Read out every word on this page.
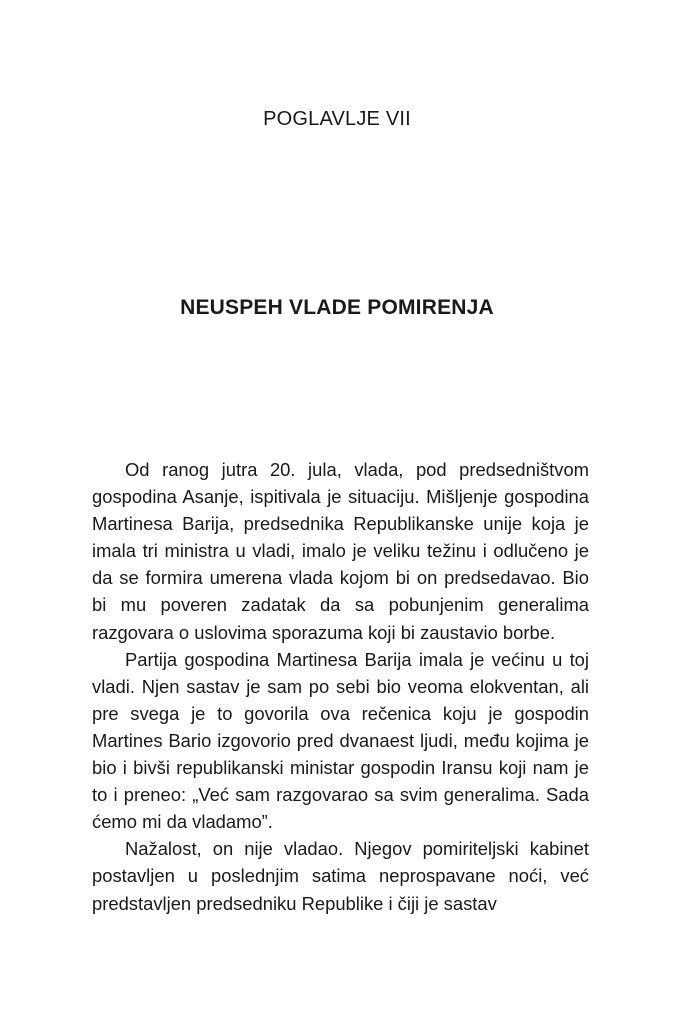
POGLAVLJE VII
NEUSPEH VLADE POMIRENJA

Od ranog jutra 20. jula, vlada, pod predsedništvom gospodina Asanje, ispitivala je situaciju. Mišljenje gospodina Martinesa Barija, predsednika Republikanske unije koja je imala tri ministra u vladi, imalo je veliku težinu i odlučeno je da se formira umerena vlada kojom bi on predsedavao. Bio bi mu poveren zadatak da sa pobunjenim generalima razgovara o uslovima sporazuma koji bi zaustavio borbe.

Partija gospodina Martinesa Barija imala je većinu u toj vladi. Njen sastav je sam po sebi bio veoma elokventan, ali pre svega je to govorila ova rečenica koju je gospodin Martines Bario izgovorio pred dvanaest ljudi, među kojima je bio i bivši republikanski ministar gospodin Iransu koji nam je to i preneo: „Već sam razgovarao sa svim generalima. Sada ćemo mi da vladamo”.

Nažalost, on nije vladao. Njegov pomiriteljski kabinet postavljen u poslednjim satima neprospavane noći, već predstavljen predsedniku Republike i čiji je sastav
